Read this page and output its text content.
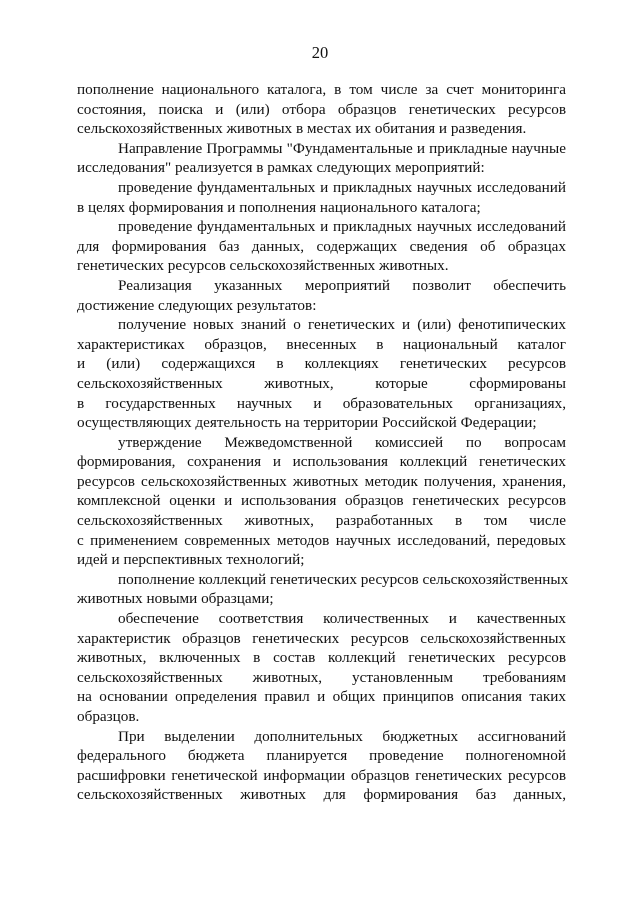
20
пополнение национального каталога, в том числе за счет мониторинга
состояния, поиска и (или) отбора образцов генетических ресурсов
сельскохозяйственных животных в местах их обитания и разведения.
Направление Программы "Фундаментальные и прикладные научные
исследования" реализуется в рамках следующих мероприятий:
проведение фундаментальных и прикладных научных исследований
в целях формирования и пополнения национального каталога;
проведение фундаментальных и прикладных научных исследований
для формирования баз данных, содержащих сведения об образцах
генетических ресурсов сельскохозяйственных животных.
Реализация указанных мероприятий позволит обеспечить
достижение следующих результатов:
получение новых знаний о генетических и (или) фенотипических
характеристиках образцов, внесенных в национальный каталог
и (или) содержащихся в коллекциях генетических ресурсов
сельскохозяйственных животных, которые сформированы
в государственных научных и образовательных организациях,
осуществляющих деятельность на территории Российской Федерации;
утверждение Межведомственной комиссией по вопросам
формирования, сохранения и использования коллекций генетических
ресурсов сельскохозяйственных животных методик получения, хранения,
комплексной оценки и использования образцов генетических ресурсов
сельскохозяйственных животных, разработанных в том числе
с применением современных методов научных исследований, передовых
идей и перспективных технологий;
пополнение коллекций генетических ресурсов сельскохозяйственных
животных новыми образцами;
обеспечение соответствия количественных и качественных
характеристик образцов генетических ресурсов сельскохозяйственных
животных, включенных в состав коллекций генетических ресурсов
сельскохозяйственных животных, установленным требованиям
на основании определения правил и общих принципов описания таких
образцов.
При выделении дополнительных бюджетных ассигнований
федерального бюджета планируется проведение полногеномной
расшифровки генетической информации образцов генетических ресурсов
сельскохозяйственных животных для формирования баз данных,
